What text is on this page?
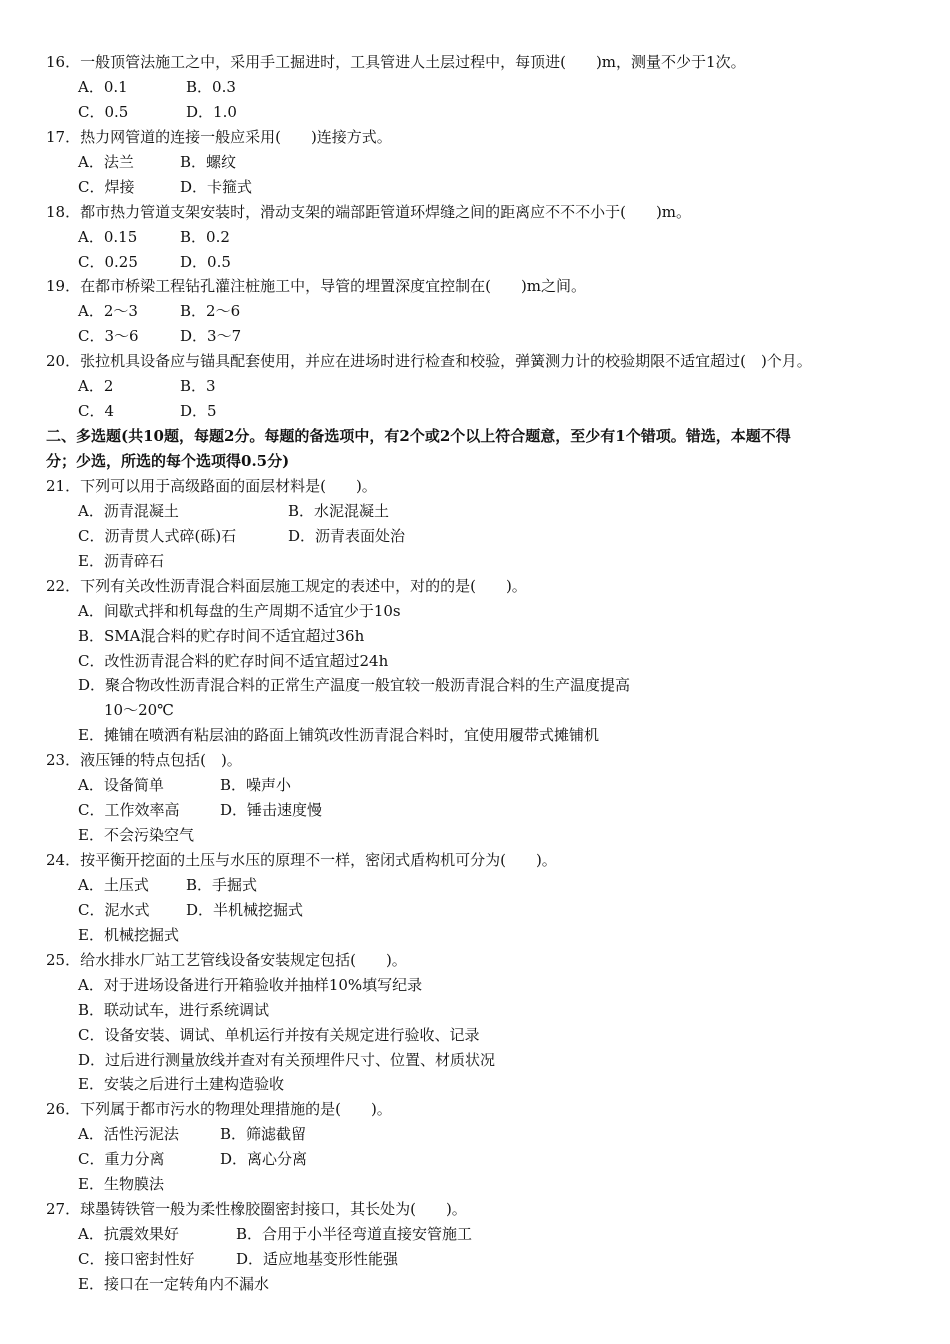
16．一般顶管法施工之中，采用手工掘进时，工具管进人土层过程中，每顶进(　　)m，测量不少于1次。
A．0.1	B．0.3
C．0.5	D．1.0
17．热力网管道的连接一般应采用(　　)连接方式。
A．法兰	B．螺纹
C．焊接	D．卡箍式
18．都市热力管道支架安装时，滑动支架的端部距管道环焊缝之间的距离应不不不小于(　　)m。
A．0.15	B．0.2
C．0.25	D．0.5
19．在都市桥梁工程钻孔灌注桩施工中，导管的埋置深度宜控制在(　　)m之间。
A．2～3	B．2～6
C．3～6	D．3～7
20．张拉机具设备应与锚具配套使用，并应在进场时进行检查和校验，弹簧测力计的校验期限不适宜超过(　)个月。
A．2	B．3
C．4	D．5
二、多选题(共10题，每题2分。每题的备选项中，有2个或2个以上符合题意，至少有1个错项。错选，本题不得
分；少选，所选的每个选项得0.5分)
21．下列可以用于高级路面的面层材料是(　　)。
A．沥青混凝土	B．水泥混凝土
C．沥青贯人式碎(砾)石	D．沥青表面处治
E．沥青碎石
22．下列有关改性沥青混合料面层施工规定的表述中，对的的是(　　)。
A．间歇式拌和机每盘的生产周期不适宜少于10s
B．SMA混合料的贮存时间不适宜超过36h
C．改性沥青混合料的贮存时间不适宜超过24h
D．聚合物改性沥青混合料的正常生产温度一般宜较一般沥青混合料的生产温度提高
10～20℃
E．摊铺在喷洒有粘层油的路面上铺筑改性沥青混合料时，宜使用履带式摊铺机
23．液压锤的特点包括(　)。
A．设备简单	B．噪声小
C．工作效率高	D．锤击速度慢
E．不会污染空气
24．按平衡开挖面的土压与水压的原理不一样，密闭式盾构机可分为(　　)。
A．土压式 B．手掘式
C．泥水式 D．半机械挖掘式
E．机械挖掘式
25．给水排水厂站工艺管线设备安装规定包括(　　)。
A．对于进场设备进行开箱验收并抽样10%填写纪录
B．联动试车，进行系统调试
C．设备安装、调试、单机运行并按有关规定进行验收、记录
D．过后进行测量放线并查对有关预埋件尺寸、位置、材质状况
E．安装之后进行土建构造验收
26．下列属于都市污水的物理处理措施的是(　　)。
A．活性污泥法	B．筛滤截留
C．重力分离	D．离心分离
E．生物膜法
27．球墨铸铁管一般为柔性橡胶圈密封接口，其长处为(　　)。
A．抗震效果好	B．合用于小半径弯道直接安管施工
C．接口密封性好	D．适应地基变形性能强
E．接口在一定转角内不漏水
